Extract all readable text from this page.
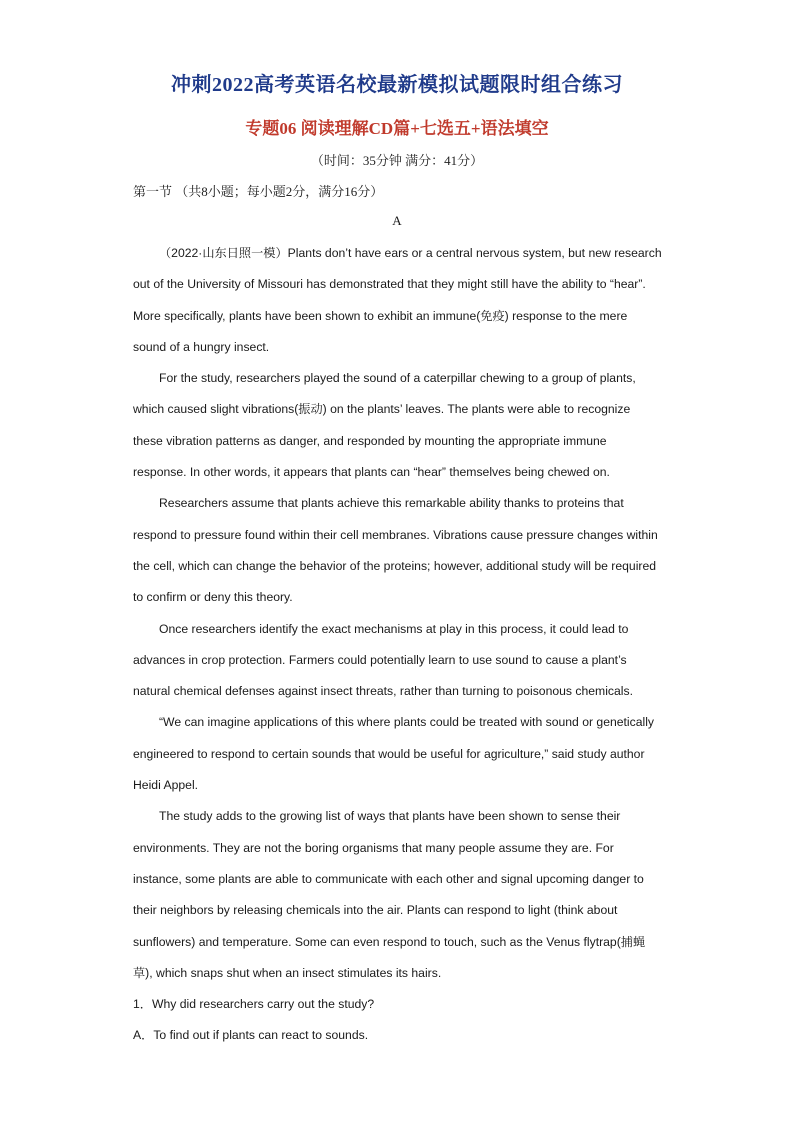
冲刺2022高考英语名校最新模拟试题限时组合练习
专题06 阅读理解CD篇+七选五+语法填空
（时间：35分钟 满分：41分）
第一节 （共8小题；每小题2分，满分16分）
A

（2022·山东日照一模）Plants don’t have ears or a central nervous system, but new research out of the University of Missouri has demonstrated that they might still have the ability to “hear”. More specifically, plants have been shown to exhibit an immune(免疫) response to the mere sound of a hungry insect.

For the study, researchers played the sound of a caterpillar chewing to a group of plants, which caused slight vibrations(振动) on the plants’ leaves. The plants were able to recognize these vibration patterns as danger, and responded by mounting the appropriate immune response. In other words, it appears that plants can “hear” themselves being chewed on.

Researchers assume that plants achieve this remarkable ability thanks to proteins that respond to pressure found within their cell membranes. Vibrations cause pressure changes within the cell, which can change the behavior of the proteins; however, additional study will be required to confirm or deny this theory.

Once researchers identify the exact mechanisms at play in this process, it could lead to advances in crop protection. Farmers could potentially learn to use sound to cause a plant’s natural chemical defenses against insect threats, rather than turning to poisonous chemicals.

“We can imagine applications of this where plants could be treated with sound or genetically engineered to respond to certain sounds that would be useful for agriculture,” said study author Heidi Appel.

The study adds to the growing list of ways that plants have been shown to sense their environments. They are not the boring organisms that many people assume they are. For instance, some plants are able to communicate with each other and signal upcoming danger to their neighbors by releasing chemicals into the air. Plants can respond to light (think about sunflowers) and temperature. Some can even respond to touch, such as the Venus flytrap(捕蝇草), which snaps shut when an insect stimulates its hairs.

1．Why did researchers carry out the study?

A．To find out if plants can react to sounds.
